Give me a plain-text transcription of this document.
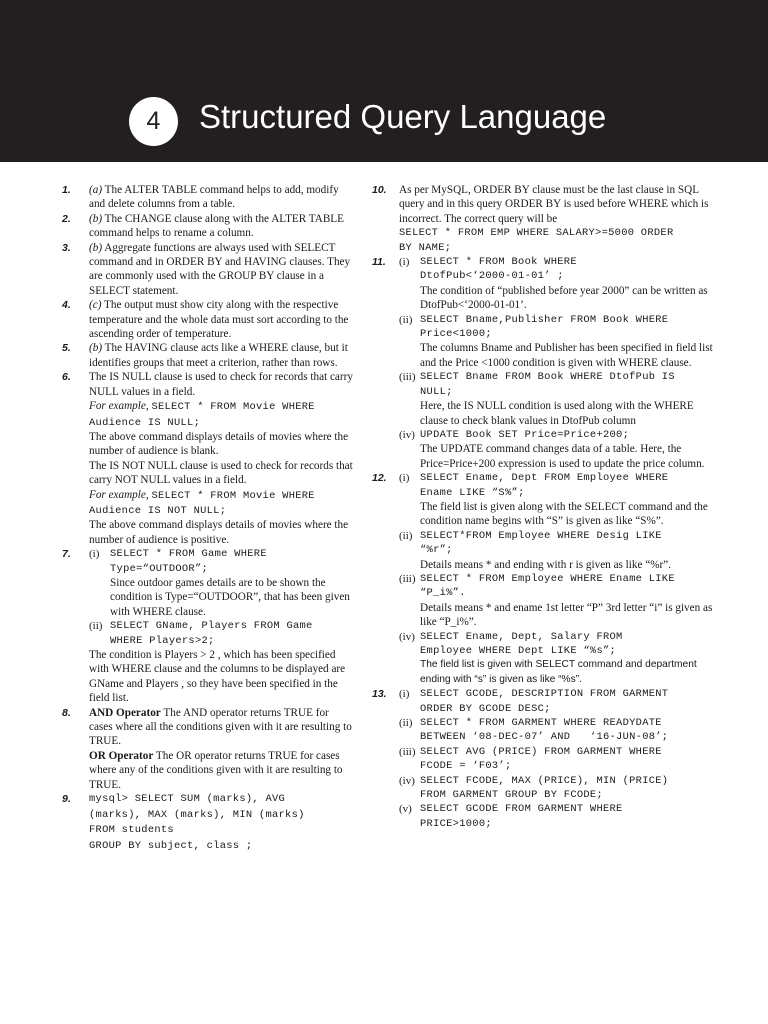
4	Structured Query Language
1. (a) The ALTER TABLE command helps to add, modify and delete columns from a table.
2. (b) The CHANGE clause along with the ALTER TABLE command helps to rename a column.
3. (b) Aggregate functions are always used with SELECT command and in ORDER BY and HAVING clauses. They are commonly used with the GROUP BY clause in a SELECT statement.
4. (c) The output must show city along with the respective temperature and the whole data must sort according to the ascending order of temperature.
5. (b) The HAVING clause acts like a WHERE clause, but it identifies groups that meet a criterion, rather than rows.
6. The IS NULL clause is used to check for records that carry NULL values in a field.
For example, SELECT * FROM Movie WHERE
Audience IS NULL;
The above command displays details of movies where the number of audience is blank.
The IS NOT NULL clause is used to check for records that carry NOT NULL values in a field.
For example, SELECT * FROM Movie WHERE
Audience IS NOT NULL;
The above command displays details of movies where the number of audience is positive.
7. (i) SELECT * FROM Game WHERE
Type=“OUTDOOR”;
Since outdoor games details are to be shown the condition is Type=“OUTDOOR”, that has been given with WHERE clause.
(ii) SELECT GName, Players FROM Game
WHERE Players>2;
The condition is Players > 2 , which has been specified with WHERE clause and the columns to be displayed are GName and Players , so they have been specified in the field list.
8. AND Operator The AND operator returns TRUE for cases where all the conditions given with it are resulting to TRUE.
OR Operator The OR operator returns TRUE for cases where any of the conditions given with it are resulting to TRUE.
9. mysql> SELECT SUM (marks), AVG
(marks), MAX (marks), MIN (marks)
FROM students
GROUP BY subject, class ;
10. As per MySQL, ORDER BY clause must be the last clause in SQL query and in this query ORDER BY is used before WHERE which is incorrect. The correct query will be
SELECT * FROM EMP WHERE SALARY>=5000 ORDER
BY NAME;
11. (i) SELECT * FROM Book WHERE
DtofPub<‘2000-01-01’ ;
The condition of “published before year 2000” can be written as DtofPub<‘2000-01-01’.
(ii) SELECT Bname,Publisher FROM Book WHERE
Price<1000;
The columns Bname and Publisher has been specified in field list and the Price <1000 condition is given with WHERE clause.
(iii) SELECT Bname FROM Book WHERE DtofPub IS
NULL;
Here, the IS NULL condition is used along with the WHERE clause to check blank values in DtofPub column
(iv) UPDATE Book SET Price=Price+200;
The UPDATE command changes data of a table. Here, the Price=Price+200 expression is used to update the price column.
12. (i) SELECT Ename, Dept FROM Employee WHERE
Ename LIKE “S%”;
The field list is given along with the SELECT command and the condition name begins with “S” is given as like “S%”.
(ii) SELECT*FROM Employee WHERE Desig LIKE
“%r”;
Details means * and ending with r is given as like “%r”.
(iii) SELECT * FROM Employee WHERE Ename LIKE
“P_i%”.
Details means * and ename 1st letter “P” 3rd letter “i” is given as like “P_i%”.
(iv) SELECT Ename, Dept, Salary FROM
Employee WHERE Dept LIKE “%s”;
The field list is given with SELECT command and department ending with “s” is given as like “%s”.
13. (i) SELECT GCODE, DESCRIPTION FROM GARMENT
ORDER BY GCODE DESC;
(ii) SELECT * FROM GARMENT WHERE READYDATE
BETWEEN ‘08-DEC-07’ AND   ‘16-JUN-08’;
(iii) SELECT AVG (PRICE) FROM GARMENT WHERE
FCODE = ‘F03’;
(iv) SELECT FCODE, MAX (PRICE), MIN (PRICE)
FROM GARMENT GROUP BY FCODE;
(v) SELECT GCODE FROM GARMENT WHERE
PRICE>1000;
